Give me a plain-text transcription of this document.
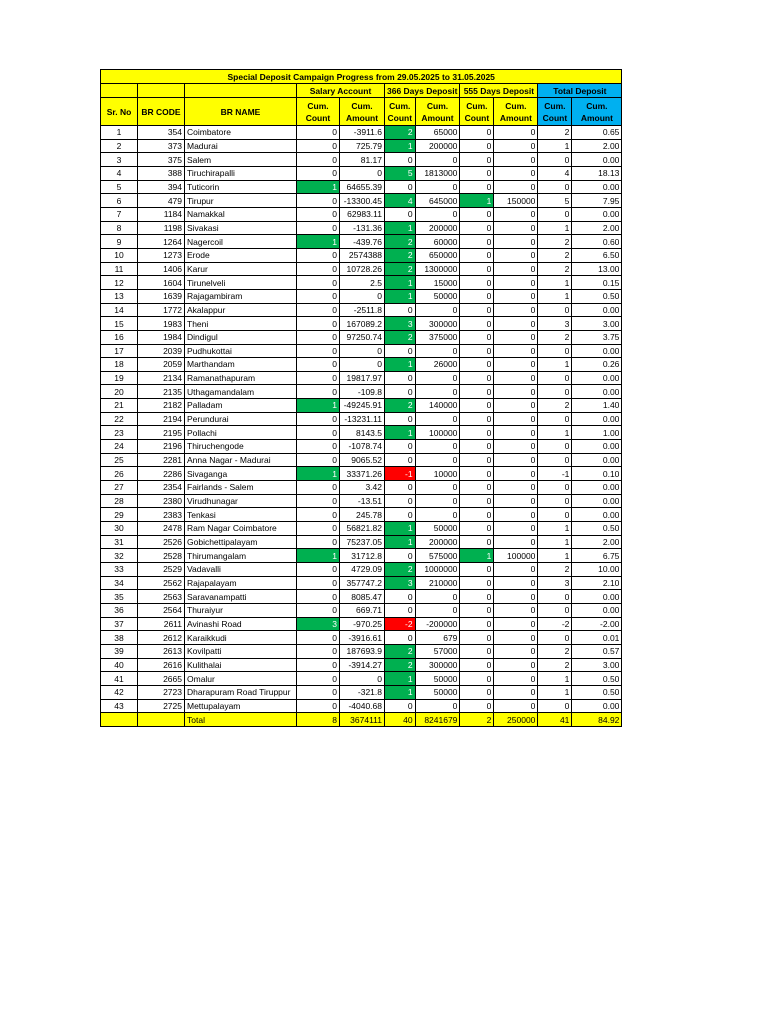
Special Deposit Campaign Progress from 29.05.2025 to 31.05.2025										
			Salary Account		366 Days Deposit		555 Days Deposit		Total Deposit	
Sr. No	BR CODE	BR NAME	Cum. Count	Cum. Amount	Cum. Count	Cum. Amount	Cum. Count	Cum. Amount	Cum. Count	Cum. Amount
1	354	Coimbatore	0	-3911.6	2	65000	0	0	2	0.65
2	373	Madurai	0	725.79	1	200000	0	0	1	2.00
3	375	Salem	0	81.17	0	0	0	0	0	0.00
4	388	Tiruchirapalli	0	0	5	1813000	0	0	4	18.13
5	394	Tuticorin	1	64655.39	0	0	0	0	0	0.00
6	479	Tirupur	0	-13300.45	4	645000	1	150000	5	7.95
7	1184	Namakkal	0	62983.11	0	0	0	0	0	0.00
8	1198	Sivakasi	0	-131.36	1	200000	0	0	1	2.00
9	1264	Nagercoil	1	-439.76	2	60000	0	0	2	0.60
10	1273	Erode	0	2574388	2	650000	0	0	2	6.50
11	1406	Karur	0	10728.26	2	1300000	0	0	2	13.00
12	1604	Tirunelveli	0	2.5	1	15000	0	0	1	0.15
13	1639	Rajagambiram	0	0	1	50000	0	0	1	0.50
14	1772	Akalappur	0	-2511.8	0	0	0	0	0	0.00
15	1983	Theni	0	167089.2	3	300000	0	0	3	3.00
16	1984	Dindigul	0	97250.74	2	375000	0	0	2	3.75
17	2039	Pudhukottai	0	0	0	0	0	0	0	0.00
18	2059	Marthandam	0	0	1	26000	0	0	1	0.26
19	2134	Ramanathapuram	0	19817.97	0	0	0	0	0	0.00
20	2135	Uthagamandalam	0	-109.8	0	0	0	0	0	0.00
21	2182	Palladam	1	-49245.91	2	140000	0	0	2	1.40
22	2194	Perundurai	0	-13231.11	0	0	0	0	0	0.00
23	2195	Pollachi	0	8143.5	1	100000	0	0	1	1.00
24	2196	Thiruchengode	0	-1078.74	0	0	0	0	0	0.00
25	2281	Anna Nagar - Madurai	0	9065.52	0	0	0	0	0	0.00
26	2286	Sivaganga	1	33371.26	-1	10000	0	0	-1	0.10
27	2354	Fairlands - Salem	0	3.42	0	0	0	0	0	0.00
28	2380	Virudhunagar	0	-13.51	0	0	0	0	0	0.00
29	2383	Tenkasi	0	245.78	0	0	0	0	0	0.00
30	2478	Ram Nagar Coimbatore	0	56821.82	1	50000	0	0	1	0.50
31	2526	Gobichettipalayam	0	75237.05	1	200000	0	0	1	2.00
32	2528	Thirumangalam	1	31712.8	0	575000	1	100000	1	6.75
33	2529	Vadavalli	0	4729.09	2	1000000	0	0	2	10.00
34	2562	Rajapalayam	0	357747.2	3	210000	0	0	3	2.10
35	2563	Saravanampatti	0	8085.47	0	0	0	0	0	0.00
36	2564	Thuraiyur	0	669.71	0	0	0	0	0	0.00
37	2611	Avinashi Road	3	-970.25	-2	-200000	0	0	-2	-2.00
38	2612	Karaikkudi	0	-3916.61	0	679	0	0	0	0.01
39	2613	Kovilpatti	0	187693.9	2	57000	0	0	2	0.57
40	2616	Kulithalai	0	-3914.27	2	300000	0	0	2	3.00
41	2665	Omalur	0	0	1	50000	0	0	1	0.50
42	2723	Dharapuram Road Tiruppur	0	-321.8	1	50000	0	0	1	0.50
43	2725	Mettupalayam	0	-4040.68	0	0	0	0	0	0.00
		Total	8	3674111	40	8241679	2	250000	41	84.92
